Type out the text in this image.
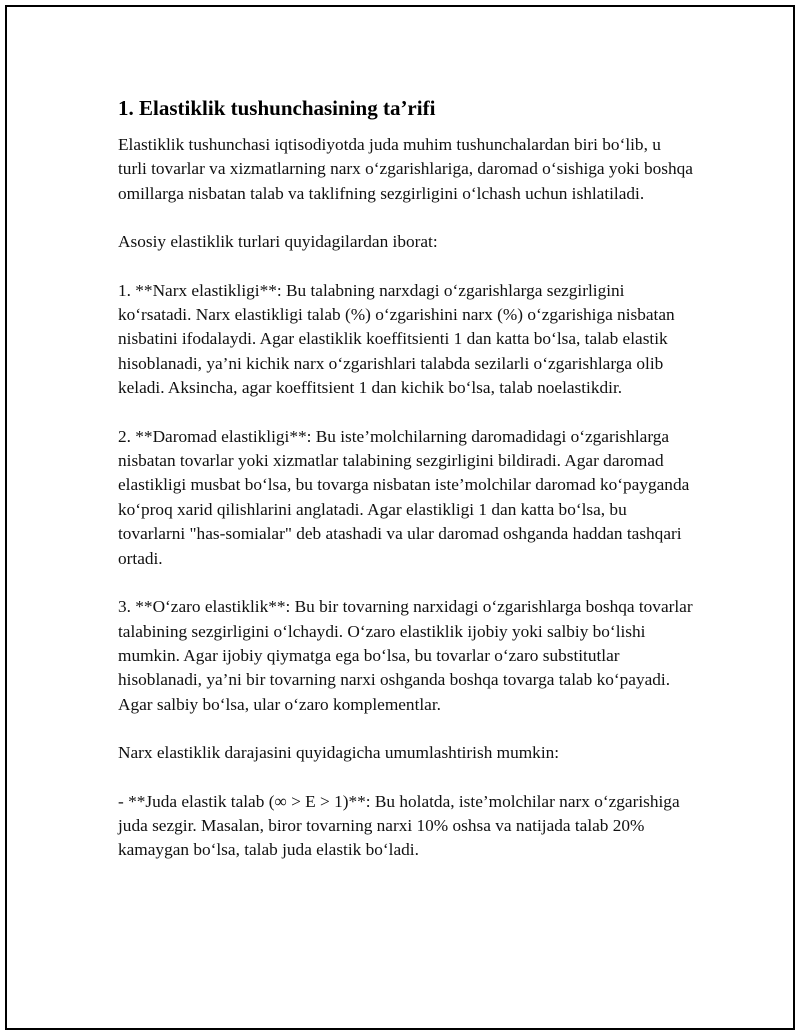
1. Elastiklik tushunchasining ta’rifi

Elastiklik tushunchasi iqtisodiyotda juda muhim tushunchalardan biri bo‘lib, u turli tovarlar va xizmatlarning narx o‘zgarishlariga, daromad o‘sishiga yoki boshqa omillarga nisbatan talab va taklifning sezgirligini o‘lchash uchun ishlatiladi.

Asosiy elastiklik turlari quyidagilardan iborat:

1. **Narx elastikligi**: Bu talabning narxdagi o‘zgarishlarga sezgirligini ko‘rsatadi. Narx elastikligi talab (%) o‘zgarishini narx (%) o‘zgarishiga nisbatan nisbatini ifodalaydi. Agar elastiklik koeffitsienti 1 dan katta bo‘lsa, talab elastik hisoblanadi, ya’ni kichik narx o‘zgarishlari talabda sezilarli o‘zgarishlarga olib keladi. Aksincha, agar koeffitsient 1 dan kichik bo‘lsa, talab noelastikdir.

2. **Daromad elastikligi**: Bu iste’molchilarning daromadidagi o‘zgarishlarga nisbatan tovarlar yoki xizmatlar talabining sezgirligini bildiradi. Agar daromad elastikligi musbat bo‘lsa, bu tovarga nisbatan iste’molchilar daromad ko‘payganda ko‘proq xarid qilishlarini anglatadi. Agar elastikligi 1 dan katta bo‘lsa, bu tovarlarni "has-somialar" deb atashadi va ular daromad oshganda haddan tashqari ortadi.

3. **O‘zaro elastiklik**: Bu bir tovarning narxidagi o‘zgarishlarga boshqa tovarlar talabining sezgirligini o‘lchaydi. O‘zaro elastiklik ijobiy yoki salbiy bo‘lishi mumkin. Agar ijobiy qiymatga ega bo‘lsa, bu tovarlar o‘zaro substitutlar hisoblanadi, ya’ni bir tovarning narxi oshganda boshqa tovarga talab ko‘payadi. Agar salbiy bo‘lsa, ular o‘zaro komplementlar.

Narx elastiklik darajasini quyidagicha umumlashtirish mumkin:

- **Juda elastik talab (∞ > E > 1)**: Bu holatda, iste’molchilar narx o‘zgarishiga juda sezgir. Masalan, biror tovarning narxi 10% oshsa va natijada talab 20% kamaygan bo‘lsa, talab juda elastik bo‘ladi.
